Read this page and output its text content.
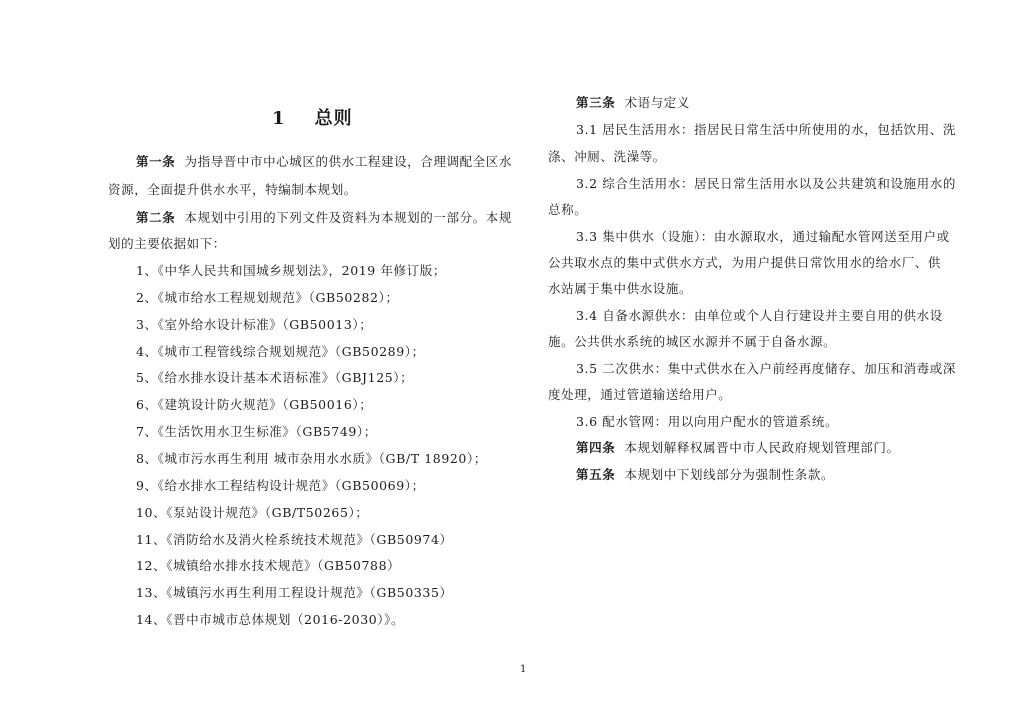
1    总则
第一条 为指导晋中市中心城区的供水工程建设，合理调配全区水
资源，全面提升供水水平，特编制本规划。
第二条 本规划中引用的下列文件及资料为本规划的一部分。本规
划的主要依据如下：
1、《中华人民共和国城乡规划法》，2019 年修订版；
2、《城市给水工程规划规范》（GB50282）；
3、《室外给水设计标准》（GB50013）；
4、《城市工程管线综合规划规范》（GB50289）；
5、《给水排水设计基本术语标准》（GBJ125）；
6、《建筑设计防火规范》（GB50016）；
7、《生活饮用水卫生标准》（GB5749）；
8、《城市污水再生利用 城市杂用水水质》（GB/T 18920）；
9、《给水排水工程结构设计规范》（GB50069）；
10、《泵站设计规范》（GB/T50265）；
11、《消防给水及消火栓系统技术规范》（GB50974）
12、《城镇给水排水技术规范》（GB50788）
13、《城镇污水再生利用工程设计规范》（GB50335）
14、《晋中市城市总体规划（2016-2030）》。
第三条 术语与定义
3.1 居民生活用水：指居民日常生活中所使用的水，包括饮用、洗
涤、冲厕、洗澡等。
3.2 综合生活用水：居民日常生活用水以及公共建筑和设施用水的
总称。
3.3 集中供水（设施）：由水源取水，通过输配水管网送至用户或
公共取水点的集中式供水方式，为用户提供日常饮用水的给水厂、供
水站属于集中供水设施。
3.4 自备水源供水：由单位或个人自行建设并主要自用的供水设
施。公共供水系统的城区水源并不属于自备水源。
3.5 二次供水：集中式供水在入户前经再度储存、加压和消毒或深
度处理，通过管道输送给用户。
3.6 配水管网：用以向用户配水的管道系统。
第四条 本规划解释权属晋中市人民政府规划管理部门。
第五条 本规划中下划线部分为强制性条款。
1
